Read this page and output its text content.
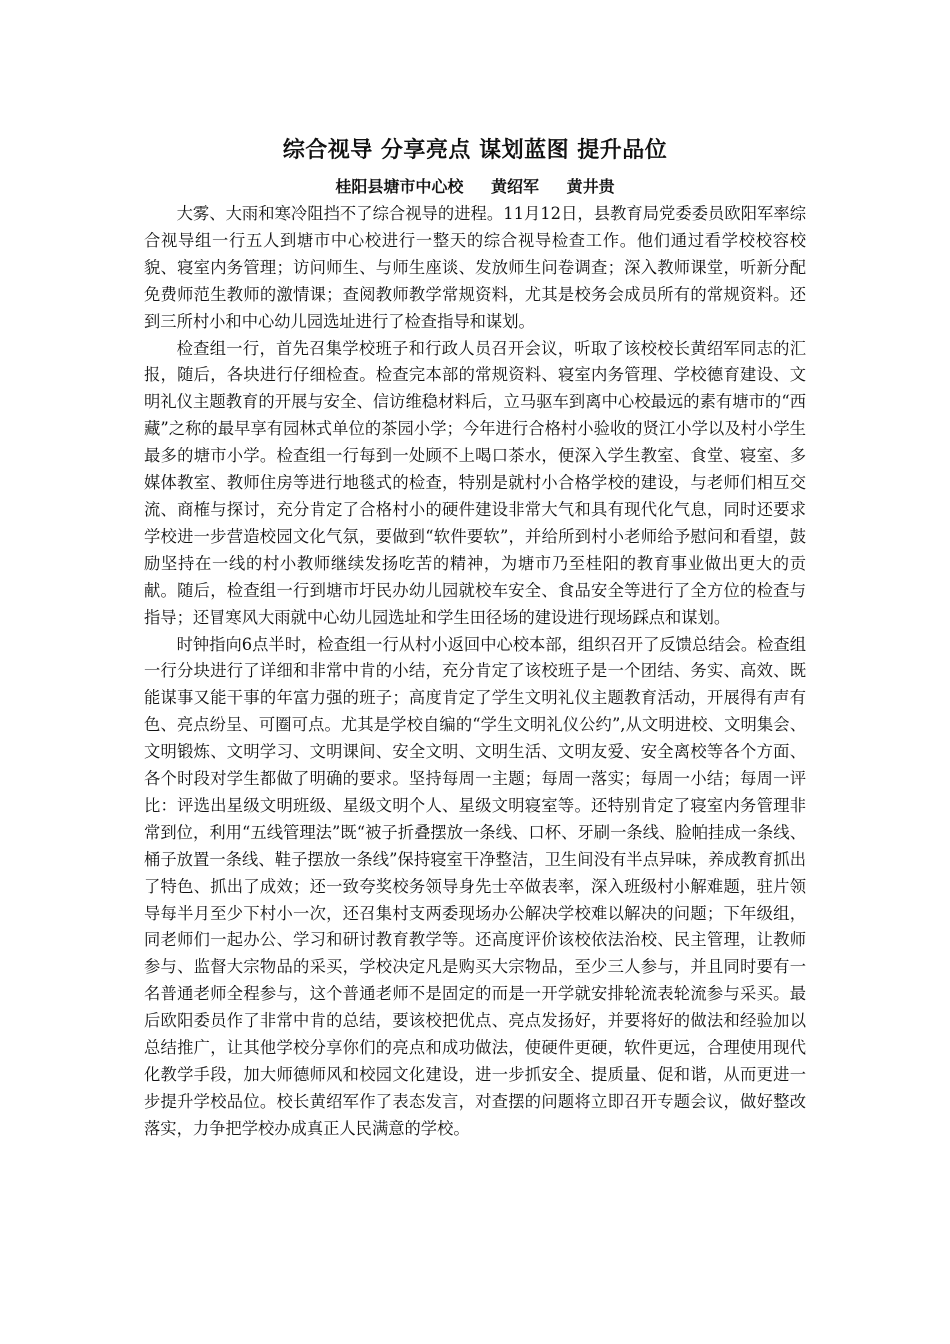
综合视导 分享亮点 谋划蓝图 提升品位

桂阳县塘市中心校 黄绍军 黄井贵

大雾、大雨和寒冷阻挡不了综合视导的进程。11月12日，县教育局党委委员欧阳军率综合视导组一行五人到塘市中心校进行一整天的综合视导检查工作。他们通过看学校校容校貌、寝室内务管理；访问师生、与师生座谈、发放师生问卷调查；深入教师课堂，听新分配免费师范生教师的激情课；查阅教师教学常规资料，尤其是校务会成员所有的常规资料。还到三所村小和中心幼儿园选址进行了检查指导和谋划。

检查组一行，首先召集学校班子和行政人员召开会议，听取了该校校长黄绍军同志的汇报，随后，各块进行仔细检查。检查完本部的常规资料、寝室内务管理、学校德育建设、文明礼仪主题教育的开展与安全、信访维稳材料后，立马驱车到离中心校最远的素有塘市的“西藏”之称的最早享有园林式单位的茶园小学；今年进行合格村小验收的贤江小学以及村小学生最多的塘市小学。检查组一行每到一处顾不上喝口茶水，便深入学生教室、食堂、寝室、多媒体教室、教师住房等进行地毯式的检查，特别是就村小合格学校的建设，与老师们相互交流、商榷与探讨，充分肯定了合格村小的硬件建设非常大气和具有现代化气息，同时还要求学校进一步营造校园文化气氛，要做到“软件要软”，并给所到村小老师给予慰问和看望，鼓励坚持在一线的村小教师继续发扬吃苦的精神，为塘市乃至桂阳的教育事业做出更大的贡献。随后，检查组一行到塘市圩民办幼儿园就校车安全、食品安全等进行了全方位的检查与指导；还冒寒风大雨就中心幼儿园选址和学生田径场的建设进行现场踩点和谋划。

时钟指向6点半时，检查组一行从村小返回中心校本部，组织召开了反馈总结会。检查组一行分块进行了详细和非常中肯的小结，充分肯定了该校班子是一个团结、务实、高效、既能谋事又能干事的年富力强的班子；高度肯定了学生文明礼仪主题教育活动，开展得有声有色、亮点纷呈、可圈可点。尤其是学校自编的“学生文明礼仪公约”,从文明进校、文明集会、文明锻炼、文明学习、文明课间、安全文明、文明生活、文明友爱、安全离校等各个方面、各个时段对学生都做了明确的要求。坚持每周一主题；每周一落实；每周一小结；每周一评比：评选出星级文明班级、星级文明个人、星级文明寝室等。还特别肯定了寝室内务管理非常到位，利用“五线管理法”既“被子折叠摆放一条线、口杯、牙刷一条线、脸帕挂成一条线、桶子放置一条线、鞋子摆放一条线”保持寝室干净整洁，卫生间没有半点异味，养成教育抓出了特色、抓出了成效；还一致夸奖校务领导身先士卒做表率，深入班级村小解难题，驻片领导每半月至少下村小一次，还召集村支两委现场办公解决学校难以解决的问题；下年级组，同老师们一起办公、学习和研讨教育教学等。还高度评价该校依法治校、民主管理，让教师参与、监督大宗物品的采买，学校决定凡是购买大宗物品，至少三人参与，并且同时要有一名普通老师全程参与，这个普通老师不是固定的而是一开学就安排轮流表轮流参与采买。最后欧阳委员作了非常中肯的总结，要该校把优点、亮点发扬好，并要将好的做法和经验加以总结推广，让其他学校分享你们的亮点和成功做法，使硬件更硬，软件更远，合理使用现代化教学手段，加大师德师风和校园文化建设，进一步抓安全、提质量、促和谐，从而更进一步提升学校品位。校长黄绍军作了表态发言，对查摆的问题将立即召开专题会议，做好整改落实，力争把学校办成真正人民满意的学校。
